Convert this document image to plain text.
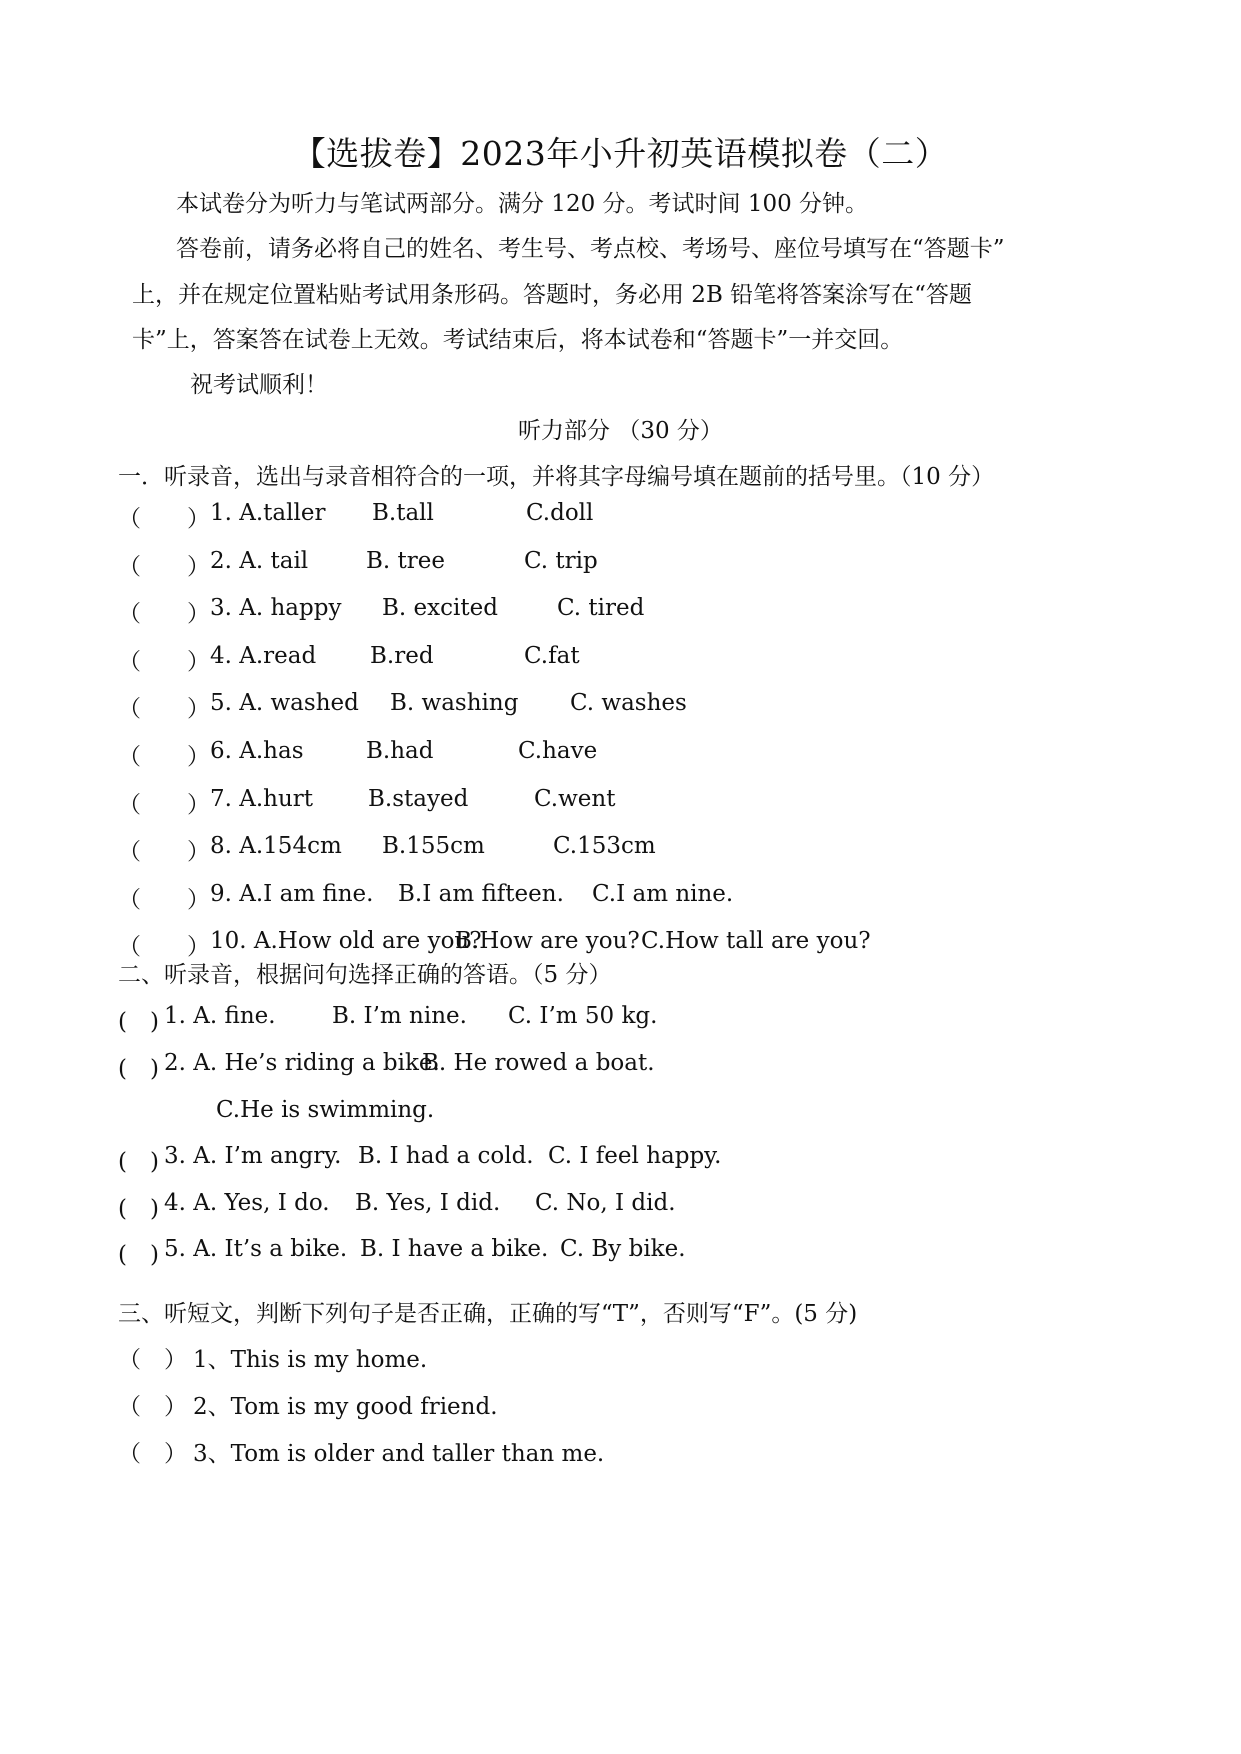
【选拔卷】2023年小升初英语模拟卷（二）
本试卷分为听力与笔试两部分。满分 120 分。考试时间 100 分钟。
答卷前，请务必将自己的姓名、考生号、考点校、考场号、座位号填写在“答题卡”
上，并在规定位置粘贴考试用条形码。答题时，务必用 2B 铅笔将答案涂写在“答题
卡”上，答案答在试卷上无效。考试结束后，将本试卷和“答题卡”一并交回。
祝考试顺利！
听力部分 （30 分）
一．听录音，选出与录音相符合的一项，并将其字母编号填在题前的括号里。（10 分）
（　　） 1. A.taller B.tall	C.doll
（　　） 2. A. tail	B. tree	C. trip
（　　） 3. A. happy B. excited	C. tired
（　　） 4. A.read B.red	C.fat
（　　） 5. A. washed B. washing C. washes
（　　） 6. A.has	B.had	C.have
（　　） 7. A.hurt B.stayed	C.went
（　　） 8. A.154cm B.155cm	C.153cm
（　　） 9. A.I am fine. B.I am fifteen. C.I am nine.
（　　） 10. A.How old are you?
B.How are you? C.How tall are you?
二、听录音，根据问句选择正确的答语。（5 分）
(　) 1. A. fine. B. I’m nine. C. I’m 50 kg.
(　) 2. A. He’s riding a bike.
B. He rowed a boat.
C.He is swimming.
(　) 3. A. I’m angry. B. I had a cold. C. I feel happy.
(　) 4. A. Yes, I do. B. Yes, I did. C. No, I did.
(　) 5. A. It’s a bike. B. I have a bike. C. By bike.
三、听短文，判断下列句子是否正确，正确的写“T”，否则写“F”。(5 分)
（　） 1、This is my home.
（　） 2、Tom is my good friend.
（　） 3、Tom is older and taller than me.
